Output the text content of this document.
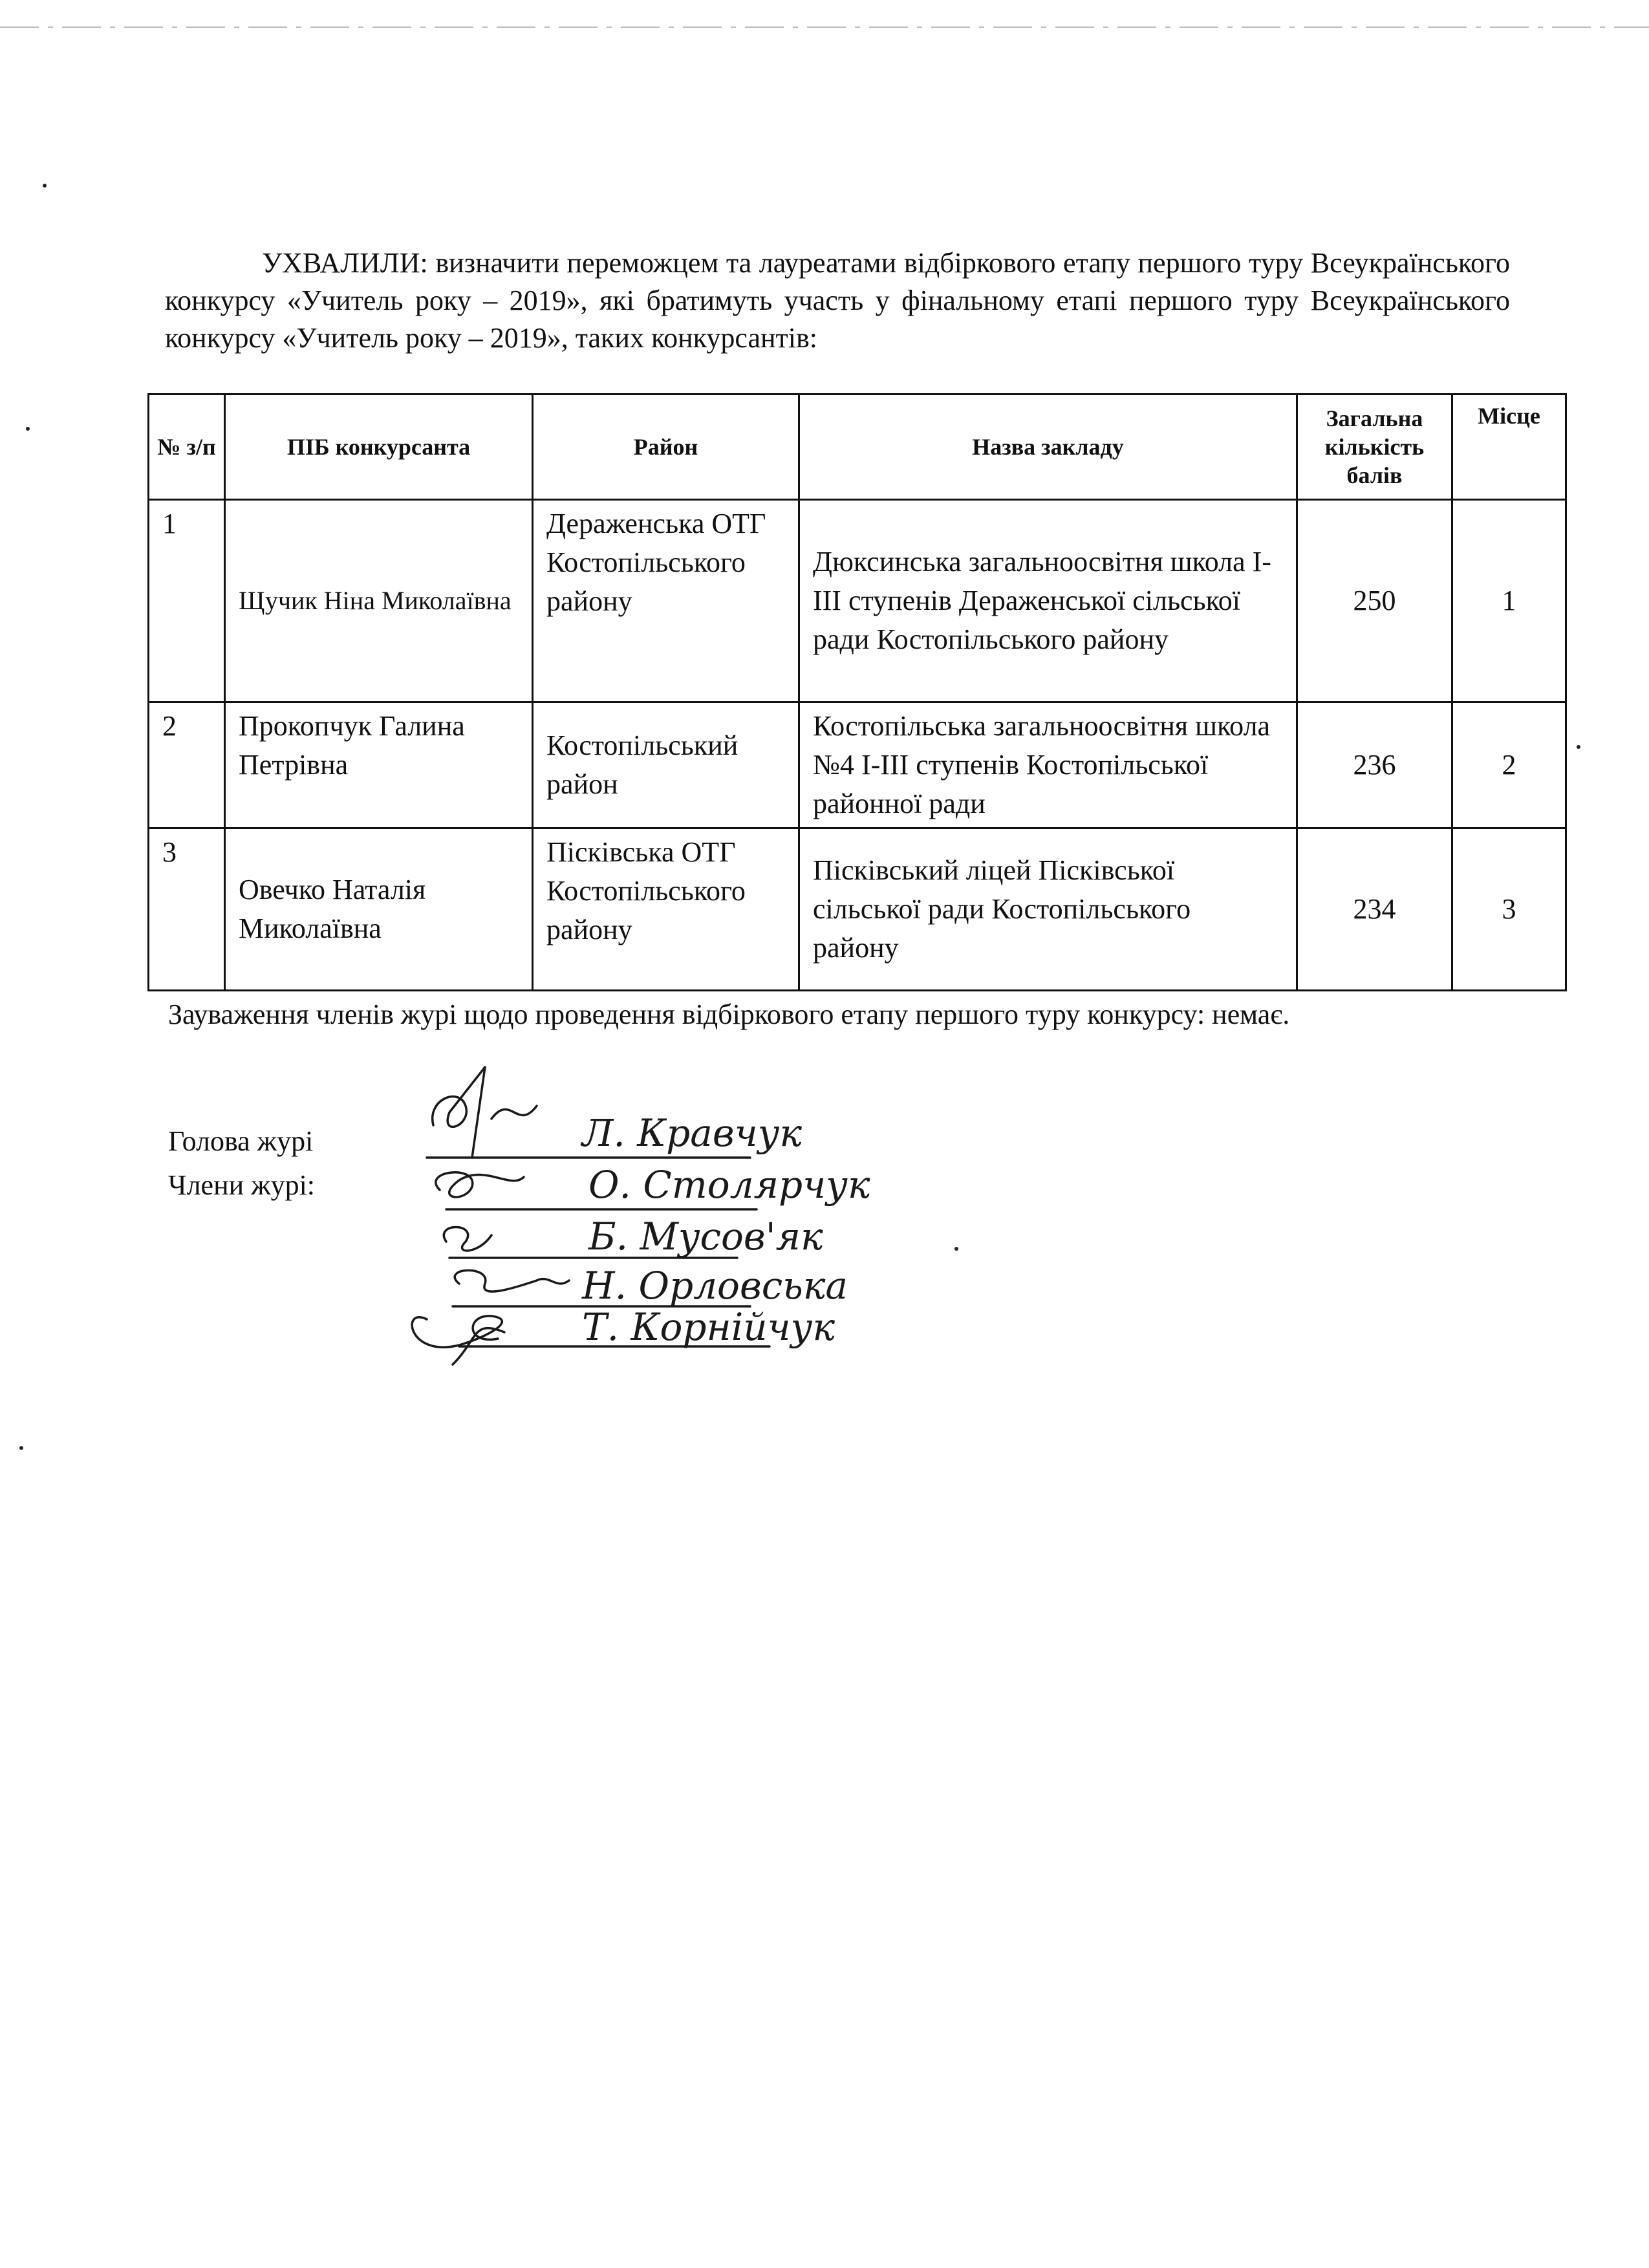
УХВАЛИЛИ: визначити переможцем та лауреатами відбіркового етапу першого туру Всеукраїнського конкурсу «Учитель року – 2019», які братимуть участь у фінальному етапі першого туру Всеукраїнського конкурсу «Учитель року – 2019», таких конкурсантів:

№ з/п	ПІБ конкурсанта	Район	Назва закладу	Загальна кількість балів	Місце
1	Щучик Ніна Миколаївна	Дераженська ОТГ Костопільського району	Дюксинська загальноосвітня школа І-ІІІ ступенів Дераженської сільської ради Костопільського району	250	1
2	Прокопчук Галина Петрівна	Костопільський район	Костопільська загальноосвітня школа №4 І-ІІІ ступенів Костопільської районної ради	236	2
3	Овечко Наталія Миколаївна	Пісківська ОТГ Костопільського району	Пісківський ліцей Пісківської сільської ради Костопільського району	234	3

Зауваження членів журі щодо проведення відбіркового етапу першого туру конкурсу: немає.

Голова журі

Члени журі:

Л. Кравчук
О. Столярчук
Б. Мусов'як
Н. Орловська
Т. Корнійчук
